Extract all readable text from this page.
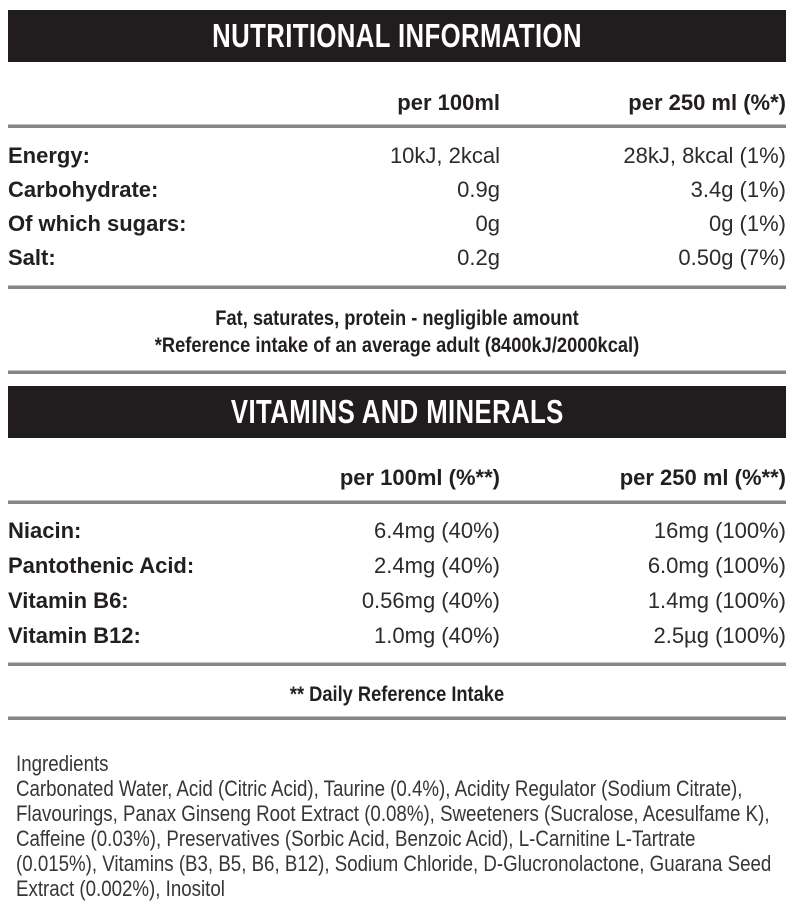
NUTRITIONAL INFORMATION
per 100ml	per 250 ml (%*)
Energy:	10kJ, 2kcal	28kJ, 8kcal (1%)
Carbohydrate:	0.9g	3.4g (1%)
Of which sugars:	0g	0g (1%)
Salt:	0.2g	0.50g (7%)
Fat, saturates, protein - negligible amount
*Reference intake of an average adult (8400kJ/2000kcal)
VITAMINS AND MINERALS
per 100ml (%**)	per 250 ml (%**)
Niacin:	6.4mg (40%)	16mg (100%)
Pantothenic Acid:	2.4mg (40%)	6.0mg (100%)
Vitamin B6:	0.56mg (40%)	1.4mg (100%)
Vitamin B12:	1.0mg (40%)	2.5µg (100%)
** Daily Reference Intake
Ingredients
Carbonated Water, Acid (Citric Acid), Taurine (0.4%), Acidity Regulator (Sodium Citrate), Flavourings, Panax Ginseng Root Extract (0.08%), Sweeteners (Sucralose, Acesulfame K), Caffeine (0.03%), Preservatives (Sorbic Acid, Benzoic Acid), L-Carnitine L-Tartrate (0.015%), Vitamins (B3, B5, B6, B12), Sodium Chloride, D-Glucronolactone, Guarana Seed Extract (0.002%), Inositol
